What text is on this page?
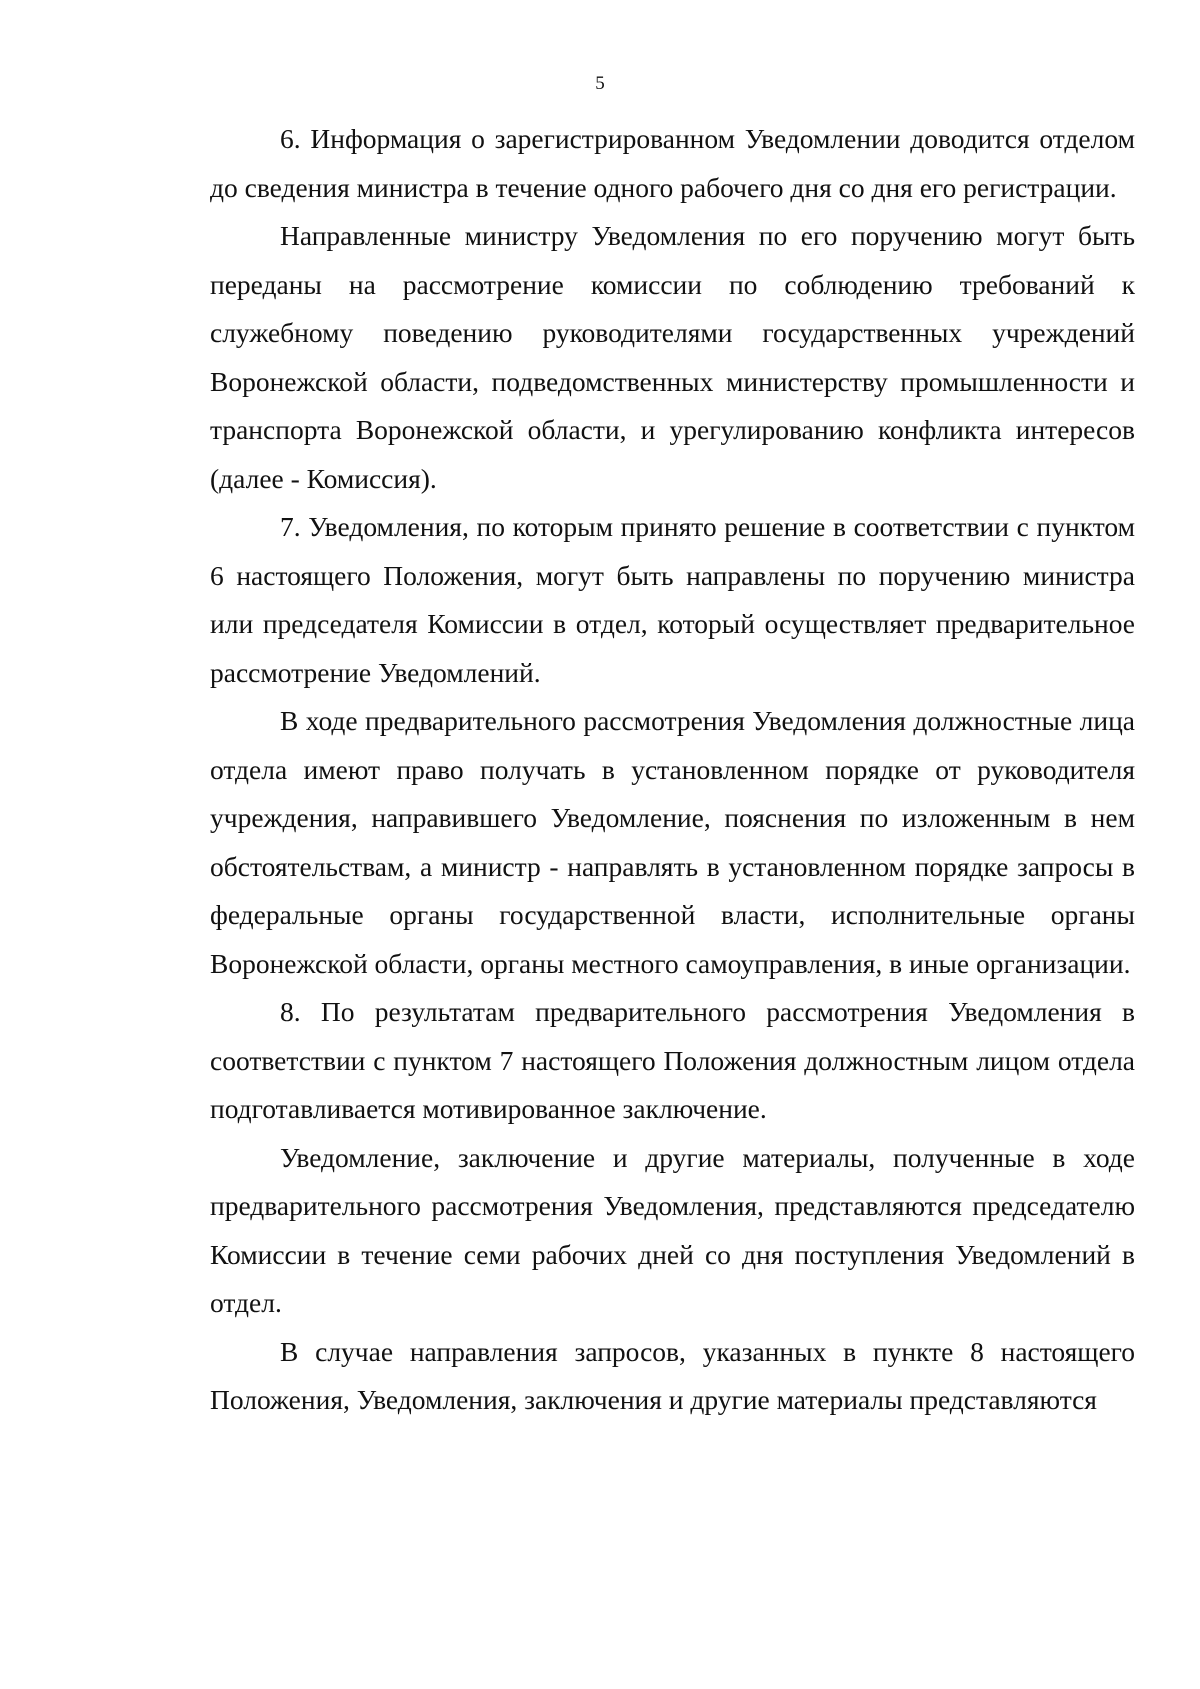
5

6. Информация о зарегистрированном Уведомлении доводится отделом до сведения министра в течение одного рабочего дня со дня его регистрации.

Направленные министру Уведомления по его поручению могут быть переданы на рассмотрение комиссии по соблюдению требований к служебному поведению руководителями государственных учреждений Воронежской области, подведомственных министерству промышленности и транспорта Воронежской области, и урегулированию конфликта интересов (далее - Комиссия).

7. Уведомления, по которым принято решение в соответствии с пунктом 6 настоящего Положения, могут быть направлены по поручению министра или председателя Комиссии в отдел, который осуществляет предварительное рассмотрение Уведомлений.

В ходе предварительного рассмотрения Уведомления должностные лица отдела имеют право получать в установленном порядке от руководителя учреждения, направившего Уведомление, пояснения по изложенным в нем обстоятельствам, а министр - направлять в установленном порядке запросы в федеральные органы государственной власти, исполнительные органы Воронежской области, органы местного самоуправления, в иные организации.

8. По результатам предварительного рассмотрения Уведомления в соответствии с пунктом 7 настоящего Положения должностным лицом отдела подготавливается мотивированное заключение.

Уведомление, заключение и другие материалы, полученные в ходе предварительного рассмотрения Уведомления, представляются председателю Комиссии в течение семи рабочих дней со дня поступления Уведомлений в отдел.

В случае направления запросов, указанных в пункте 8 настоящего Положения, Уведомления, заключения и другие материалы представляются
